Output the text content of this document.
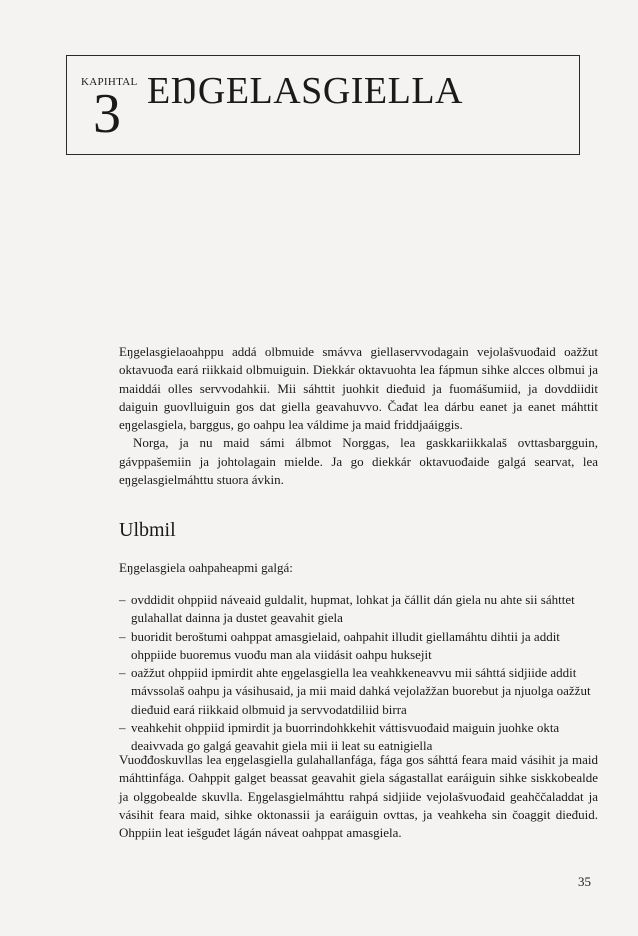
KAPIHTAL
3 EŊGELASGIELLA

Eŋgelasgielaoahppu addá olbmuide smávva giellaservvodagain vejolašvuođaid oažžut oktavuođa eará riikkaid olbmuiguin. Diekkár oktavuohta lea fápmun sihke alcces olbmui ja maiddái olles servvodahkii. Mii sáhttit juohkit dieđuid ja fuomášumiid, ja dovddiidit daiguin guovlluiguin gos dat giella geavahuvvo. Čađat lea dárbu eanet ja eanet máhttit eŋgelasgiela, barggus, go oahpu lea váldime ja maid friddjaáiggis.

Norga, ja nu maid sámi álbmot Norggas, lea gaskkariikkalaš ovttasbargguin, gávppašemiin ja johtolagain mielde. Ja go diekkár oktavuođaide galgá searvat, lea eŋgelasgielmáhttu stuora ávkin.

Ulbmil
Eŋgelasgiela oahpaheapmi galgá:
– ovddidit ohppiid náveaid guldalit, hupmat, lohkat ja čállit dán giela nu ahte sii sáhttet gulahallat dainna ja dustet geavahit giela
– buoridit beroštumi oahppat amasgielaid, oahpahit illudit giellamáhtu dihtii ja addit ohppiide buoremus vuođu man ala viidásit oahpu huksejit
– oažžut ohppiid ipmirdit ahte eŋgelasgiella lea veahkkeneavvu mii sáhttá sidjiide addit mávssolaš oahpu ja vásihusaid, ja mii maid dahká vejolažžan buorebut ja njuolga oažžut dieđuid eará riikkaid olbmuid ja servvodatdiliid birra
– veahkehit ohppiid ipmirdit ja buorrindohkkehit váttisvuođaid maiguin juohke okta deaivvada go galgá geavahit giela mii ii leat su eatnigiella
Vuođđoskuvllas lea eŋgelasgiella gulahallanfága, fága gos sáhttá feara maid vásihit ja maid máhttinfága. Oahppit galget beassat geavahit giela ságastallat earáiguin sihke siskkobealde ja olggobealde skuvlla. Eŋgelasgielmáhttu rahpá sidjiide vejolašvuođaid geahččaladdat ja vásihit feara maid, sihke oktonassii ja earáiguin ovttas, ja veahkeha sin čoaggit dieđuid. Ohppiin leat iešguđet lágán náveat oahppat amasgiela.
35
